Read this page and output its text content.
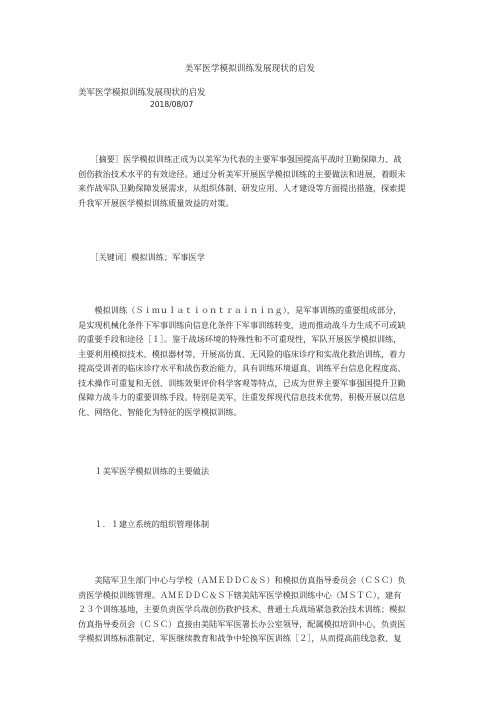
美军医学模拟训练发展现状的启发
美军医学模拟训练发展现状的启发
2018/08/07
　　［摘要］医学模拟训练正成为以美军为代表的主要军事强国提高平战时卫勤保障力、战
创伤救治技术水平的有效途径。通过分析美军开展医学模拟训练的主要做法和进展，着眼未
来作战军队卫勤保障发展需求，从组织体制、研发应用、人才建设等方面提出措施，探索提
升我军开展医学模拟训练质量效益的对策。
　　［关键词］模拟训练；军事医学
　　模拟训练（Ｓｉｍｕｌａｔｉｏｎｔｒａｉｎｉｎｇ），是军事训练的重要组成部分，
是实现机械化条件下军事训练向信息化条件下军事训练转变，进而推动战斗力生成不可或缺
的重要手段和途径［１］。鉴于战场环境的特殊性和不可重现性，军队开展医学模拟训练，
主要利用模拟技术、模拟器材等，开展高仿真、无风险的临床诊疗和实战化救治训练，着力
提高受训者的临床诊疗水平和战伤救治能力，具有训练环境逼真、训练平台信息化程度高、
技术操作可重复和无创、训练效果评价科学客观等特点，已成为世界主要军事强国提升卫勤
保障力战斗力的重要训练手段。特别是美军，注重发挥现代信息技术优势，积极开展以信息
化、网络化、智能化为特征的医学模拟训练。
　　１美军医学模拟训练的主要做法
　　１．１建立系统的组织管理体制
　　美陆军卫生部门中心与学校（ＡＭＥＤＤＣ＆Ｓ）和模拟仿真指导委员会（ＣＳＣ）负
责医学模拟训练管理。ＡＭＥＤＤＣ＆Ｓ下辖美陆军医学模拟训练中心（ＭＳＴＣ），建有
２３个训练基地，主要负责医学兵战创伤救护技术、普通士兵战场紧急救治技术训练；模拟
仿真指导委员会（ＣＳＣ）直接由美陆军军医署长办公室领导，配属模拟培训中心，负责医
学模拟训练标准制定、军医继续教育和战争中轮换军医训练［２］，从而提高前线急救、复
